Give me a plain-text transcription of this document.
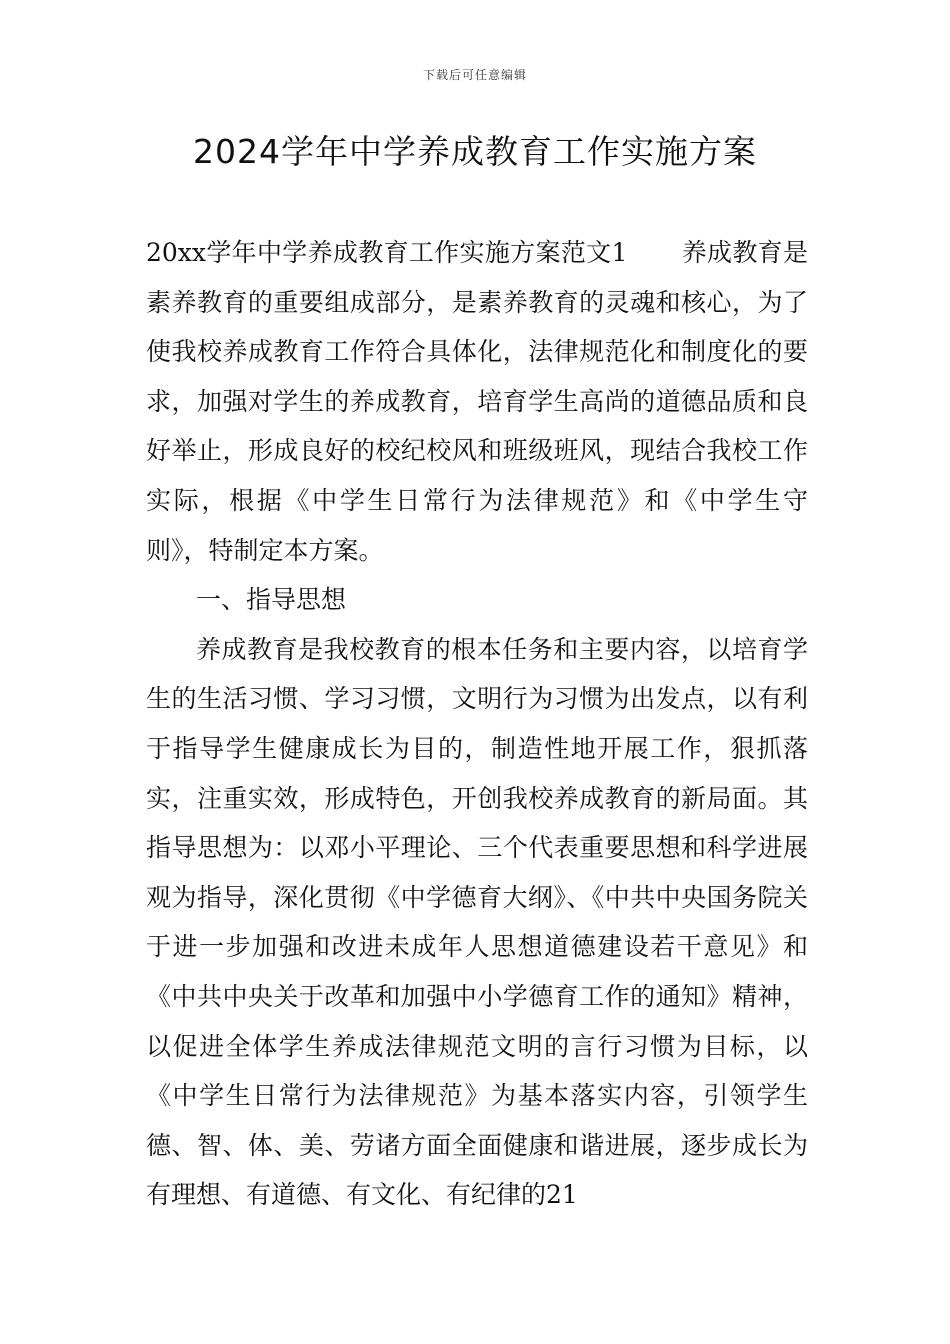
下载后可任意编辑
2024学年中学养成教育工作实施方案

20xx学年中学养成教育工作实施方案范文1 养成教育是素养教育的重要组成部分，是素养教育的灵魂和核心，为了使我校养成教育工作符合具体化，法律规范化和制度化的要求，加强对学生的养成教育，培育学生高尚的道德品质和良好举止，形成良好的校纪校风和班级班风，现结合我校工作实际，根据《中学生日常行为法律规范》和《中学生守则》，特制定本方案。

一、指导思想

养成教育是我校教育的根本任务和主要内容，以培育学生的生活习惯、学习习惯，文明行为习惯为出发点，以有利于指导学生健康成长为目的，制造性地开展工作，狠抓落实，注重实效，形成特色，开创我校养成教育的新局面。其指导思想为：以邓小平理论、三个代表重要思想和科学进展观为指导，深化贯彻《中学德育大纲》、《中共中央国务院关于进一步加强和改进未成年人思想道德建设若干意见》和《中共中央关于改革和加强中小学德育工作的通知》精神，以促进全体学生养成法律规范文明的言行习惯为目标，以《中学生日常行为法律规范》为基本落实内容，引领学生德、智、体、美、劳诸方面全面健康和谐进展，逐步成长为有理想、有道德、有文化、有纪律的21
